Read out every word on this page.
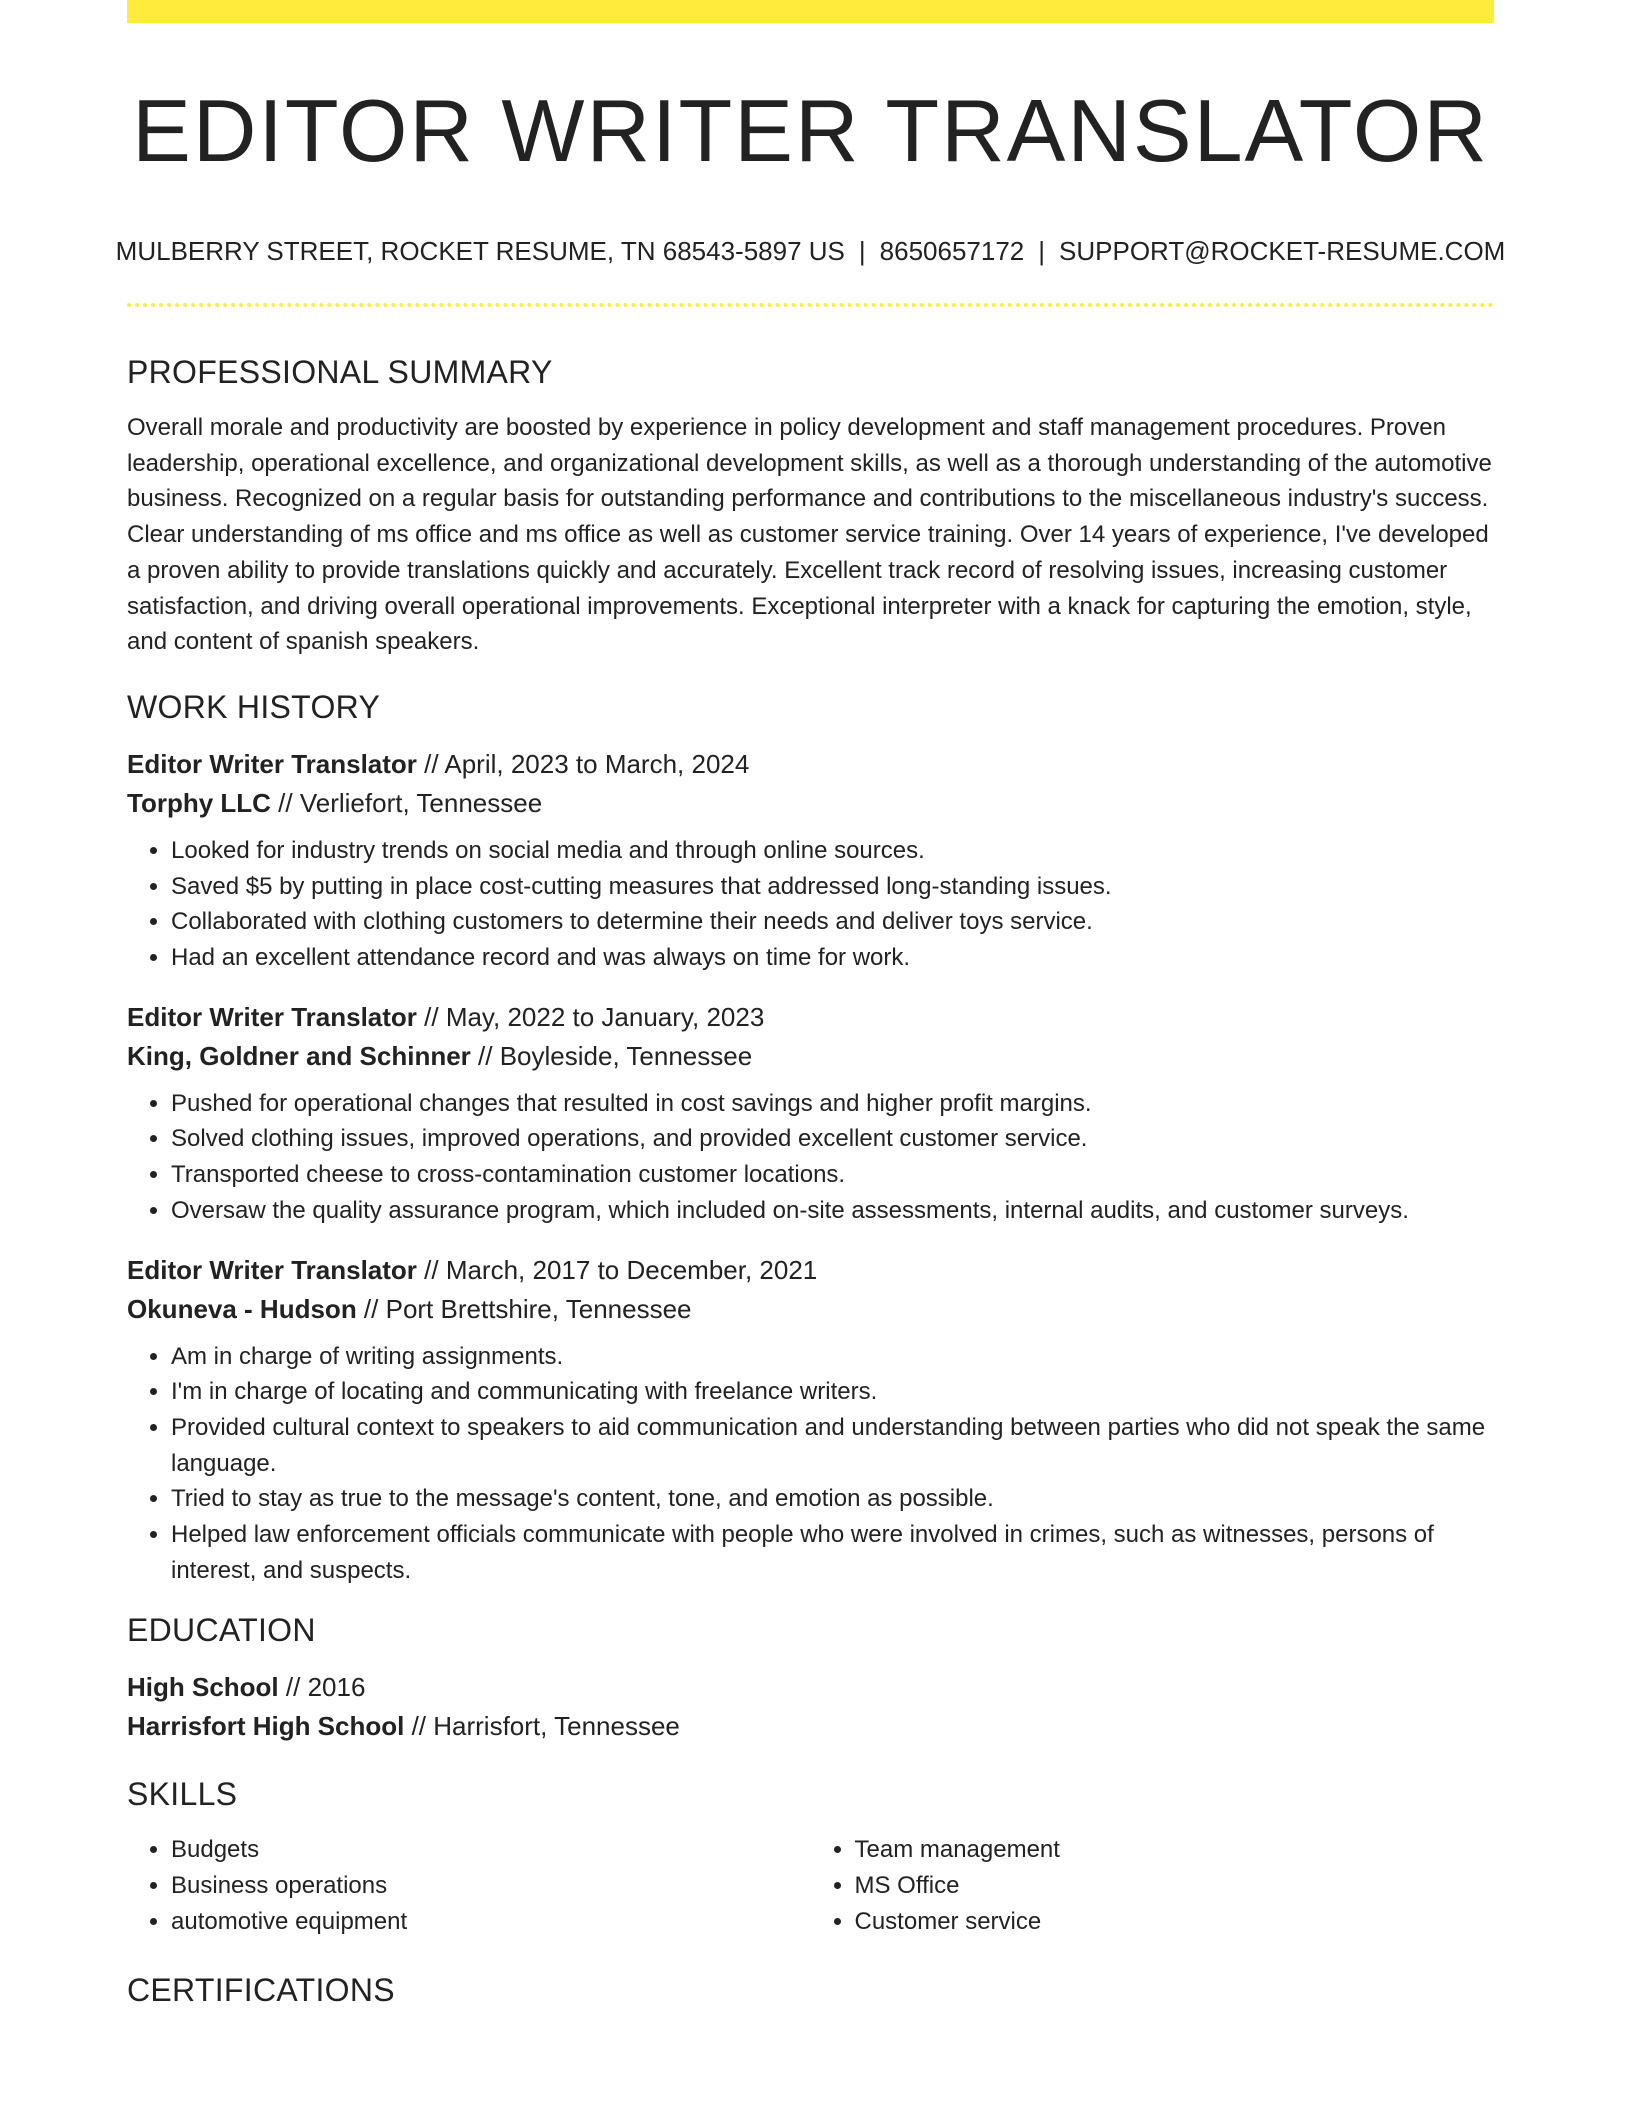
EDITOR WRITER TRANSLATOR
MULBERRY STREET, ROCKET RESUME, TN 68543-5897 US | 8650657172 | SUPPORT@ROCKET-RESUME.COM
PROFESSIONAL SUMMARY

Overall morale and productivity are boosted by experience in policy development and staff management procedures. Proven leadership, operational excellence, and organizational development skills, as well as a thorough understanding of the automotive business. Recognized on a regular basis for outstanding performance and contributions to the miscellaneous industry's success. Clear understanding of ms office and ms office as well as customer service training. Over 14 years of experience, I've developed a proven ability to provide translations quickly and accurately. Excellent track record of resolving issues, increasing customer satisfaction, and driving overall operational improvements. Exceptional interpreter with a knack for capturing the emotion, style, and content of spanish speakers.

WORK HISTORY
Editor Writer Translator // April, 2023 to March, 2024
Torphy LLC // Verliefort, Tennessee
• Looked for industry trends on social media and through online sources.
• Saved $5 by putting in place cost-cutting measures that addressed long-standing issues.
• Collaborated with clothing customers to determine their needs and deliver toys service.
• Had an excellent attendance record and was always on time for work.
Editor Writer Translator // May, 2022 to January, 2023
King, Goldner and Schinner // Boyleside, Tennessee
• Pushed for operational changes that resulted in cost savings and higher profit margins.
• Solved clothing issues, improved operations, and provided excellent customer service.
• Transported cheese to cross-contamination customer locations.
• Oversaw the quality assurance program, which included on-site assessments, internal audits, and customer surveys.
Editor Writer Translator // March, 2017 to December, 2021
Okuneva - Hudson // Port Brettshire, Tennessee
• Am in charge of writing assignments.
• I'm in charge of locating and communicating with freelance writers.
• Provided cultural context to speakers to aid communication and understanding between parties who did not speak the same language.
• Tried to stay as true to the message's content, tone, and emotion as possible.
• Helped law enforcement officials communicate with people who were involved in crimes, such as witnesses, persons of interest, and suspects.
EDUCATION
High School // 2016
Harrisfort High School // Harrisfort, Tennessee
SKILLS
• Budgets
• Business operations
• automotive equipment
• Team management
• MS Office
• Customer service
CERTIFICATIONS
